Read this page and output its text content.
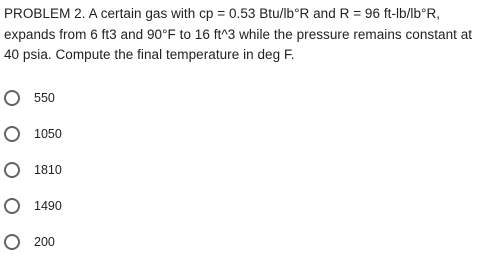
PROBLEM 2. A certain gas with cp = 0.53 Btu/lb°R and R = 96 ft-lb/lb°R, expands from 6 ft3 and 90°F to 16 ft^3 while the pressure remains constant at 40 psia. Compute the final temperature in deg F.
550
1050
1810
1490
200
